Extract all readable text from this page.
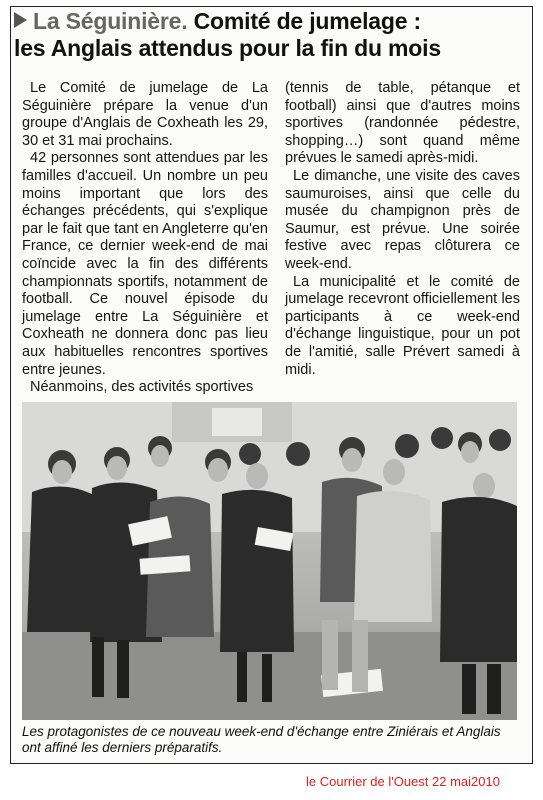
La Séguinière. Comité de jumelage :
les Anglais attendus pour la fin du mois

Le Comité de jumelage de La Séguinière prépare la venue d'un groupe d'Anglais de Coxheath les 29, 30 et 31 mai prochains.

42 personnes sont attendues par les familles d'accueil. Un nombre un peu moins important que lors des échanges précédents, qui s'explique par le fait que tant en Angleterre qu'en France, ce dernier week-end de mai coïncide avec la fin des différents championnats sportifs, notamment de football. Ce nouvel épisode du jumelage entre La Séguinière et Coxheath ne donnera donc pas lieu aux habituelles rencontres sportives entre jeunes.

Néanmoins, des activités sportives

(tennis de table, pétanque et football) ainsi que d'autres moins sportives (randonnée pédestre, shopping…) sont quand même prévues le samedi après-midi.

Le dimanche, une visite des caves saumuroises, ainsi que celle du musée du champignon près de Saumur, est prévue. Une soirée festive avec repas clôturera ce week-end.

La municipalité et le comité de jumelage recevront officiellement les participants à ce week-end d'échange linguistique, pour un pot de l'amitié, salle Prévert samedi à midi.

Les protagonistes de ce nouveau week-end d'échange entre Ziniérais et Anglais ont affiné les derniers préparatifs.
le Courrier de l'Ouest 22 mai2010
